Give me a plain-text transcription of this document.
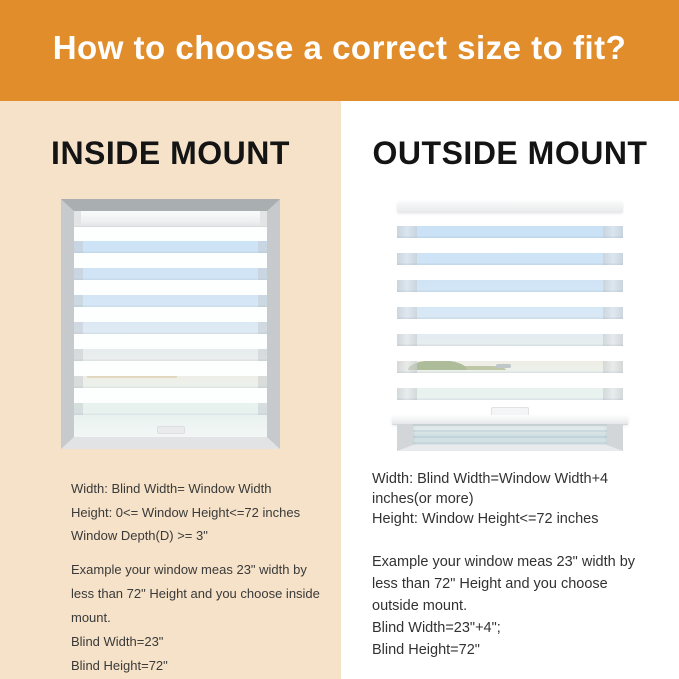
How to choose a correct size to fit?
INSIDE MOUNT
Width: Blind Width= Window Width
Height: 0<= Window Height<=72 inches
Window Depth(D) >= 3"
Example your window meas 23" width by
less than 72" Height and you choose inside
mount.
Blind Width=23"
Blind Height=72"
OUTSIDE MOUNT
Width: Blind Width=Window Width+4
inches(or more)
Height: Window Height<=72 inches
Example your window meas 23" width by
less than 72" Height and you choose
outside mount.
Blind Width=23"+4";
Blind Height=72"
